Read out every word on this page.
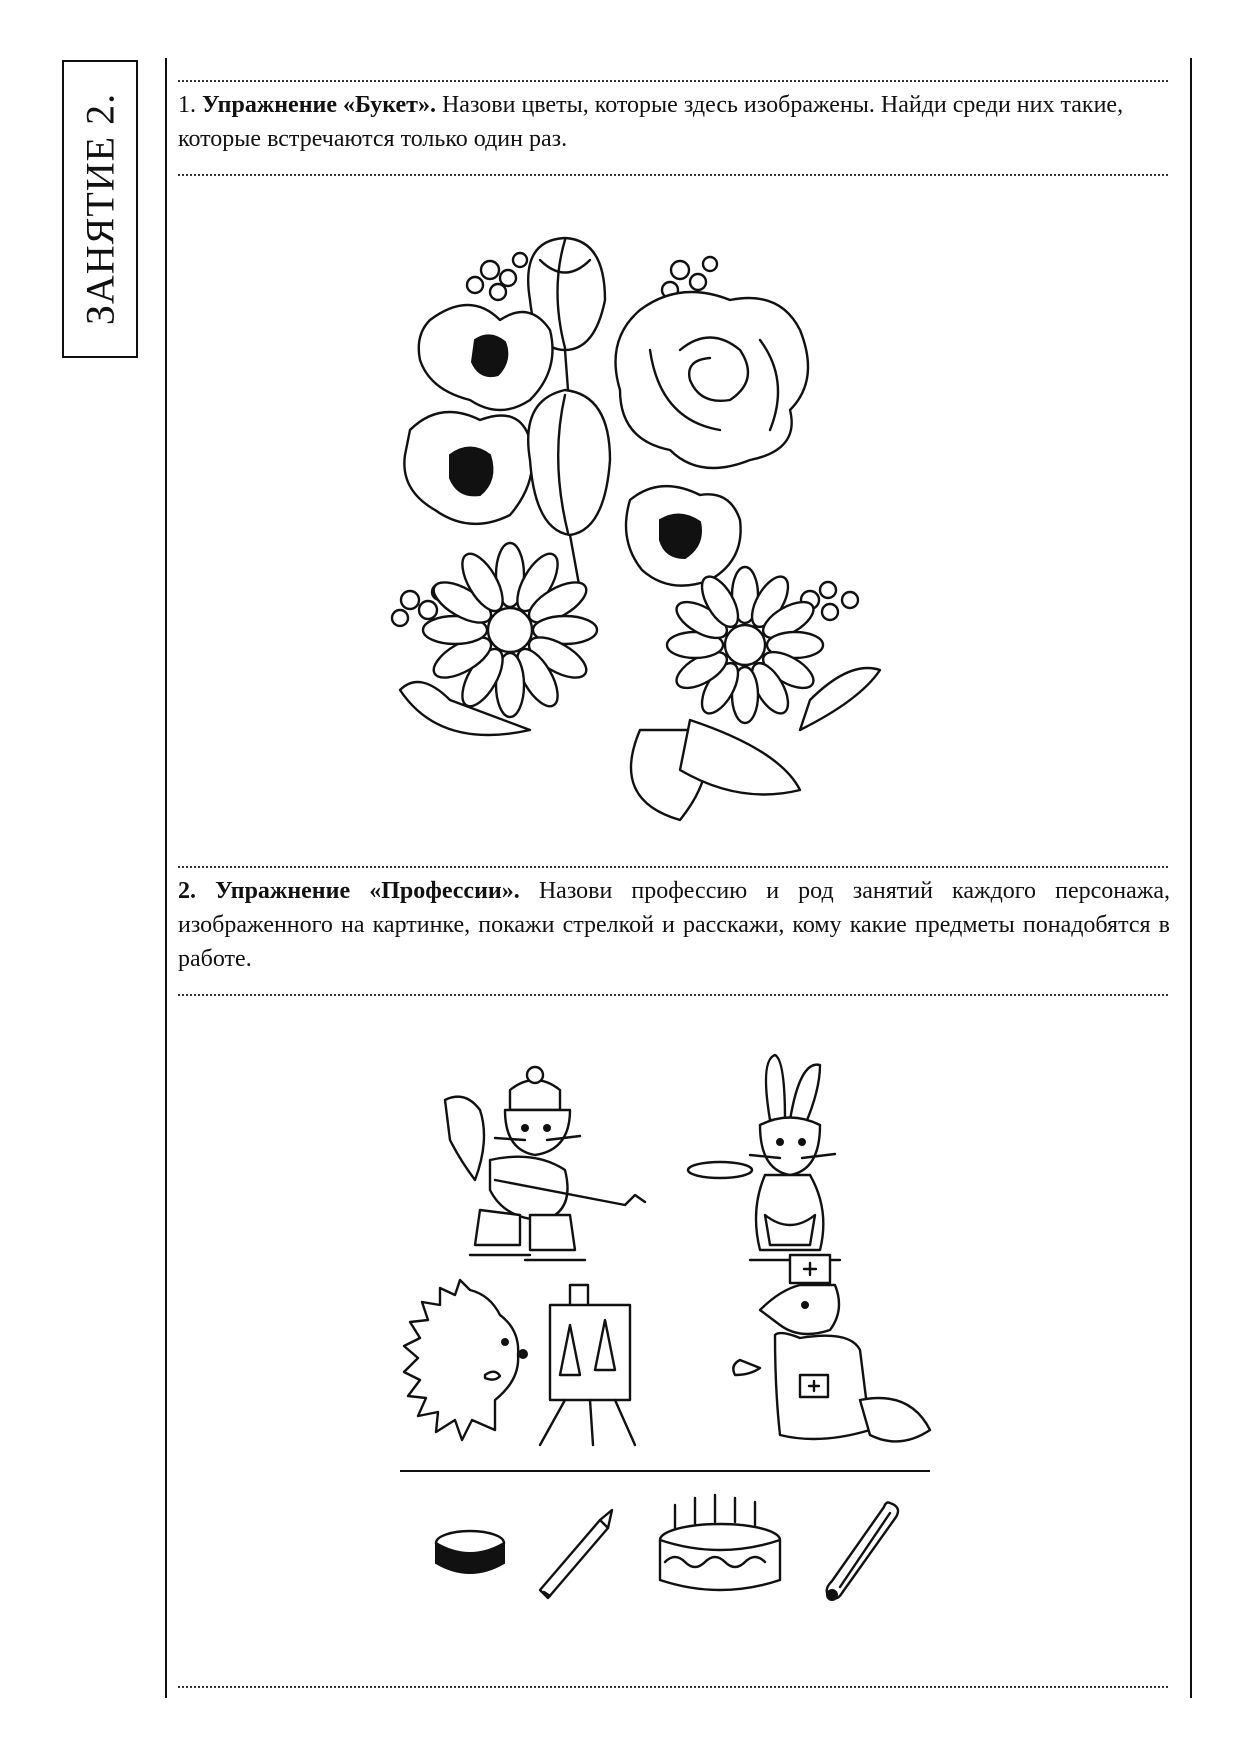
ЗАНЯТИЕ 2. 1. Упражнение «Букет». Назови цветы, которые здесь изображены. Найди среди них такие, которые встречаются только один раз.
2. Упражнение «Профессии». Назови профессию и род занятий каждого персонажа, изображенного на картинке, покажи стрелкой и расскажи, кому какие предметы понадобятся в работе.
